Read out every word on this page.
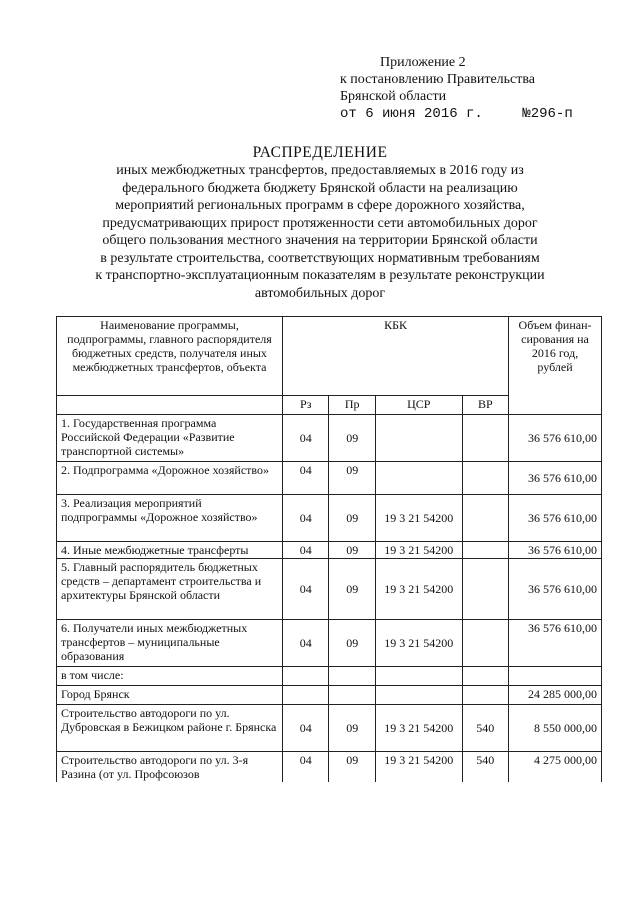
Приложение 2
к постановлению Правительства
Брянской области
от 6 июня 2016 г.	№296-п
РАСПРЕДЕЛЕНИЕ
иных межбюджетных трансфертов, предоставляемых в 2016 году из
федерального бюджета бюджету Брянской области на реализацию
мероприятий региональных программ в сфере дорожного хозяйства,
предусматривающих прирост протяженности сети автомобильных дорог
общего пользования местного значения на территории Брянской области
в результате строительства, соответствующих нормативным требованиям
к транспортно-эксплуатационным показателям в результате реконструкции
автомобильных дорог
Наименование программы, подпрограммы, главного распорядителя бюджетных средств, получателя иных межбюджетных трансфертов, объекта	КБК				Объем финан-сирования на 2016 год, рублей
	Рз	Пр	ЦСР	ВР	
1. Государственная программа Российской Федерации «Развитие транспортной системы»	04	09			36 576 610,00
2. Подпрограмма «Дорожное хозяйство»	04	09			36 576 610,00
3. Реализация мероприятий подпрограммы «Дорожное хозяйство»	04	09	19 3 21 54200		36 576 610,00
4. Иные межбюджетные трансферты	04	09	19 3 21 54200		36 576 610,00
5. Главный распорядитель бюджетных средств – департамент строительства и архитектуры Брянской области	04	09	19 3 21 54200		36 576 610,00
6. Получатели иных межбюджетных трансфертов – муниципальные образования	04	09	19 3 21 54200		36 576 610,00
в том числе:					
Город Брянск					24 285 000,00
Строительство автодороги по ул. Дубровская в Бежицком районе г. Брянска	04	09	19 3 21 54200	540	8 550 000,00
Строительство автодороги по ул. 3-я Разина (от ул. Профсоюзов	04	09	19 3 21 54200	540	4 275 000,00
